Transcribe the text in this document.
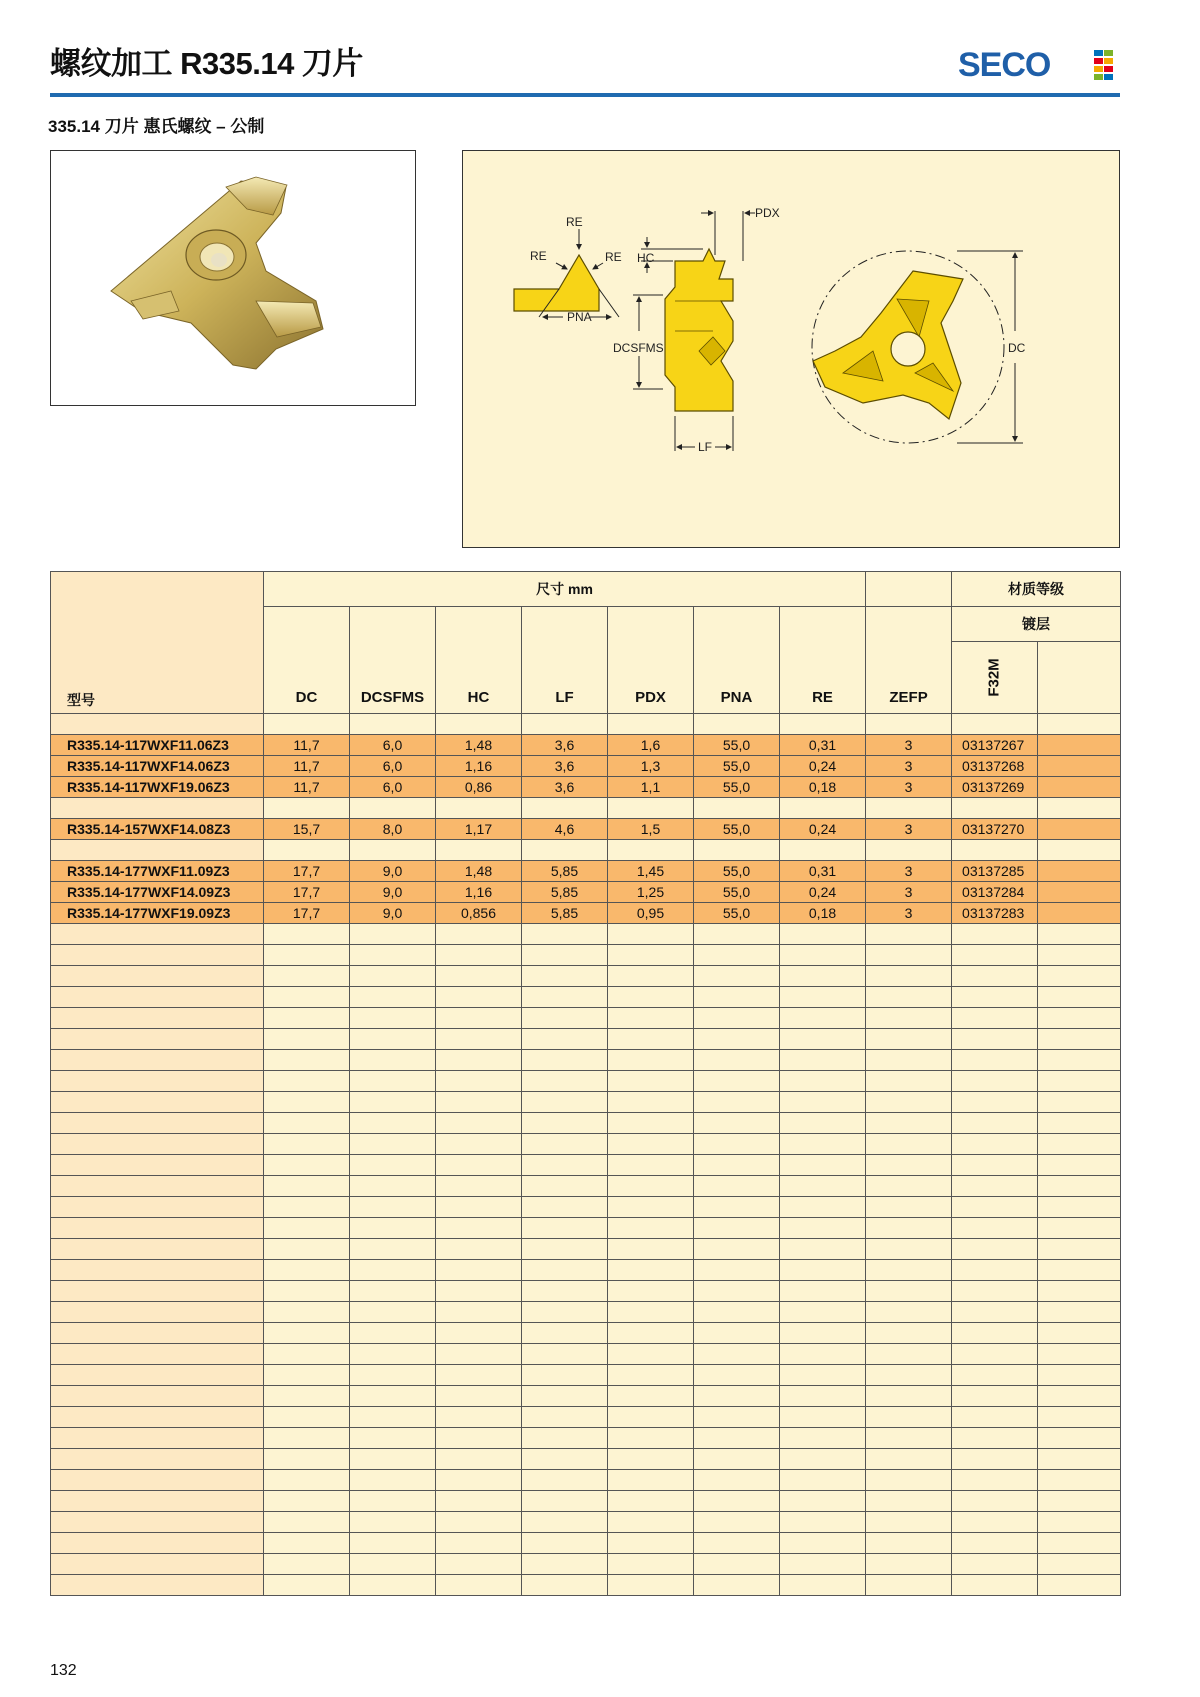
螺纹加工 R335.14 刀片	SECO
335.14 刀片 惠氏螺纹 – 公制
RE
RE	RE
PNA
PDX
HC
DCSFMS
LF
DC
型号	尺寸 mm								材质等级	
	DC	DCSFMS	HC	LF	PDX	PNA	RE	ZEFP	镀层	
									F32M	

R335.14-117WXF11.06Z3	11,7	6,0	1,48	3,6	1,6	55,0	0,31	3	03137267	
R335.14-117WXF14.06Z3	11,7	6,0	1,16	3,6	1,3	55,0	0,24	3	03137268	
R335.14-117WXF19.06Z3	11,7	6,0	0,86	3,6	1,1	55,0	0,18	3	03137269	

R335.14-157WXF14.08Z3	15,7	8,0	1,17	4,6	1,5	55,0	0,24	3	03137270	

R335.14-177WXF11.09Z3	17,7	9,0	1,48	5,85	1,45	55,0	0,31	3	03137285	
R335.14-177WXF14.09Z3	17,7	9,0	1,16	5,85	1,25	55,0	0,24	3	03137284	
R335.14-177WXF19.09Z3	17,7	9,0	0,856	5,85	0,95	55,0	0,18	3	03137283	

132
